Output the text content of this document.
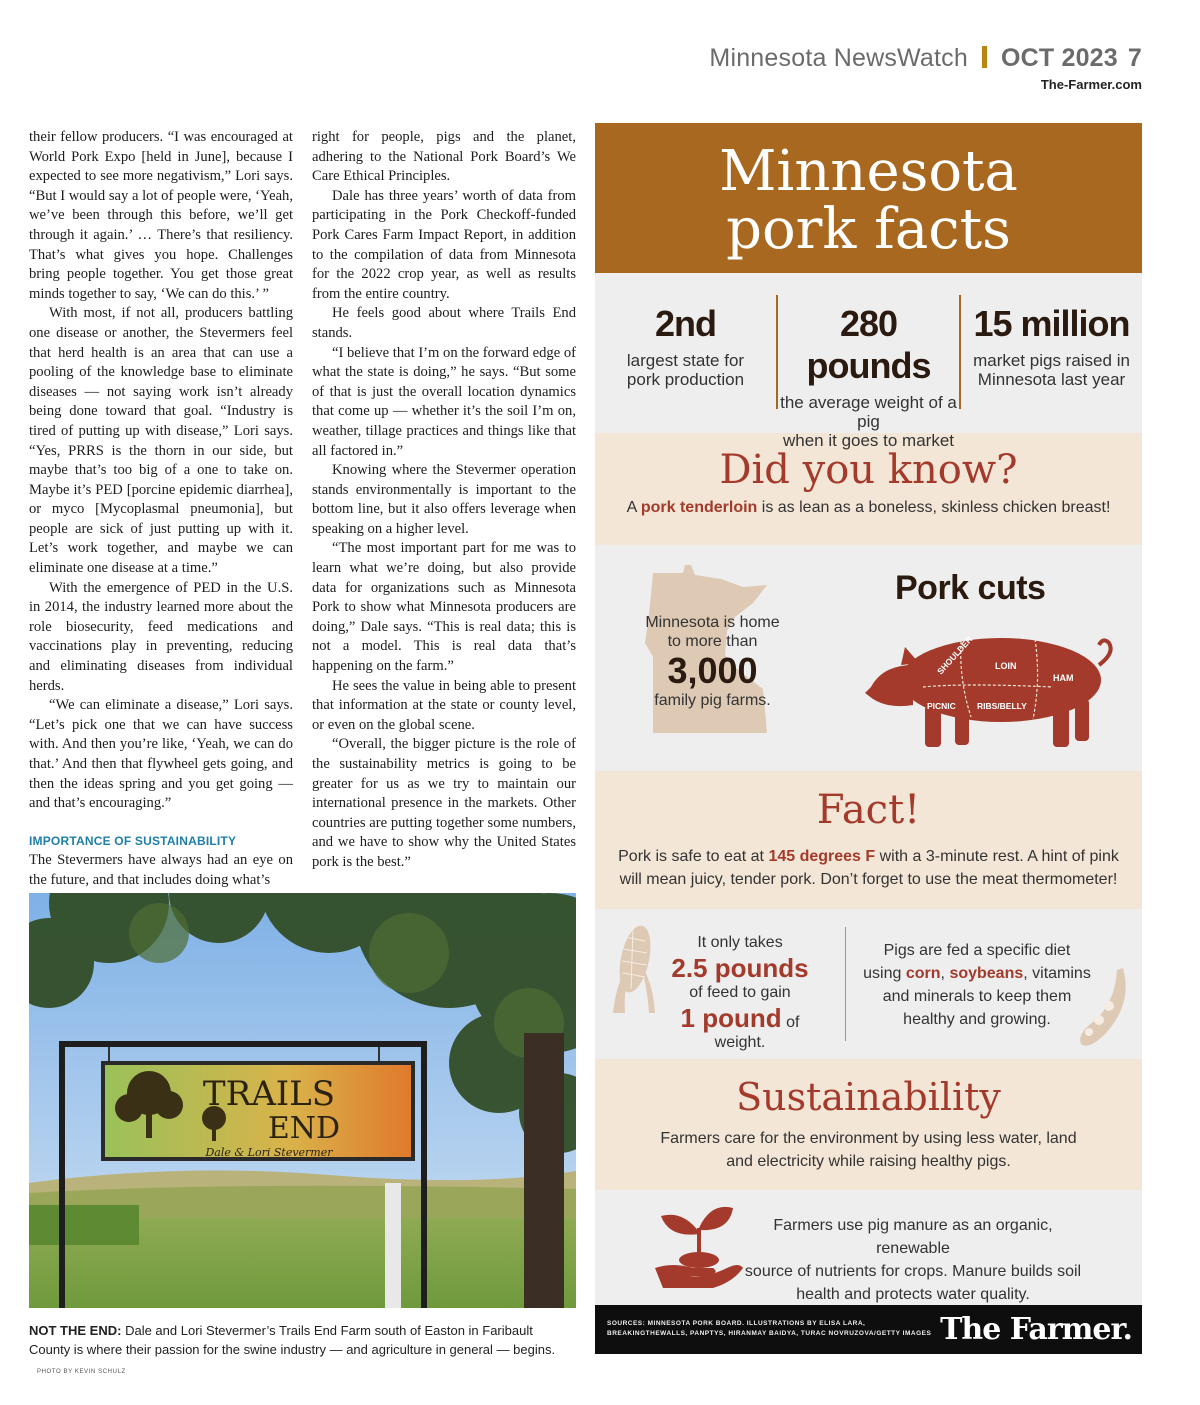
Minnesota NewsWatch OCT 2023 7
The-Farmer.com

their fellow producers. “I was encouraged at World Pork Expo [held in June], because I expected to see more negativism,” Lori says. “But I would say a lot of people were, ‘Yeah, we’ve been through this before, we’ll get through it again.’ … There’s that resiliency. That’s what gives you hope. Challenges bring people together. You get those great minds together to say, ‘We can do this.’ ”

With most, if not all, producers battling one disease or another, the Stevermers feel that herd health is an area that can use a pooling of the knowledge base to eliminate diseases — not saying work isn’t already being done toward that goal. “Industry is tired of putting up with disease,” Lori says. “Yes, PRRS is the thorn in our side, but maybe that’s too big of a one to take on. Maybe it’s PED [porcine epidemic diarrhea], or myco [Mycoplasmal pneumonia], but people are sick of just putting up with it. Let’s work together, and maybe we can eliminate one disease at a time.”

With the emergence of PED in the U.S. in 2014, the industry learned more about the role biosecurity, feed medications and vaccinations play in preventing, reducing and eliminating diseases from individual herds.

“We can eliminate a disease,” Lori says. “Let’s pick one that we can have success with. And then you’re like, ‘Yeah, we can do that.’ And then that flywheel gets going, and then the ideas spring and you get going — and that’s encouraging.”

IMPORTANCE OF SUSTAINABILITY

The Stevermers have always had an eye on the future, and that includes doing what’s

right for people, pigs and the planet, adhering to the National Pork Board’s We Care Ethical Principles.

Dale has three years’ worth of data from participating in the Pork Checkoff-funded Pork Cares Farm Impact Report, in addition to the compilation of data from Minnesota for the 2022 crop year, as well as results from the entire country.

He feels good about where Trails End stands.

“I believe that I’m on the forward edge of what the state is doing,” he says. “But some of that is just the overall location dynamics that come up — whether it’s the soil I’m on, weather, tillage practices and things like that all factored in.”

Knowing where the Stevermer operation stands environmentally is important to the bottom line, but it also offers leverage when speaking on a higher level.

“The most important part for me was to learn what we’re doing, but also provide data for organizations such as Minnesota Pork to show what Minnesota producers are doing,” Dale says. “This is real data; this is not a model. This is real data that’s happening on the farm.”

He sees the value in being able to present that information at the state or county level, or even on the global scene.

“Overall, the bigger picture is the role of the sustainability metrics is going to be greater for us as we try to maintain our international presence in the markets. Other countries are putting together some numbers, and we have to show why the United States pork is the best.”

TRAILS
END
Dale & Lori Stevermer
NOT THE END: Dale and Lori Stevermer’s Trails End Farm south of Easton in Faribault County is where their passion for the swine industry — and agriculture in general — begins. PHOTO BY KEVIN SCHULZ
Minnesota
pork facts
2nd
largest state for
pork production
280 pounds
the average weight of a pig
when it goes to market
15 million
market pigs raised in
Minnesota last year
Did you know?
A pork tenderloin is as lean as a boneless, skinless chicken breast!
Minnesota is home
to more than
3,000
family pig farms.
Pork cuts
SHOULDER LOIN
HAM
PICNIC RIBS/BELLY
Fact!
Pork is safe to eat at 145 degrees F with a 3-minute rest. A hint of pink
will mean juicy, tender pork. Don’t forget to use the meat thermometer!
It only takes
2.5 pounds
of feed to gain
1 pound of weight.
Pigs are fed a specific diet
using corn, soybeans, vitamins
and minerals to keep them
healthy and growing.
Sustainability
Farmers care for the environment by using less water, land
and electricity while raising healthy pigs.
Farmers use pig manure as an organic, renewable
source of nutrients for crops. Manure builds soil
health and protects water quality.
SOURCES: MINNESOTA PORK BOARD. ILLUSTRATIONS BY ELISA LARA, BREAKINGTHEWALLS, PANPTYS, HIRANMAY BAIDYA, TURAC NOVRUZOVA/GETTY IMAGES The Farmer.
